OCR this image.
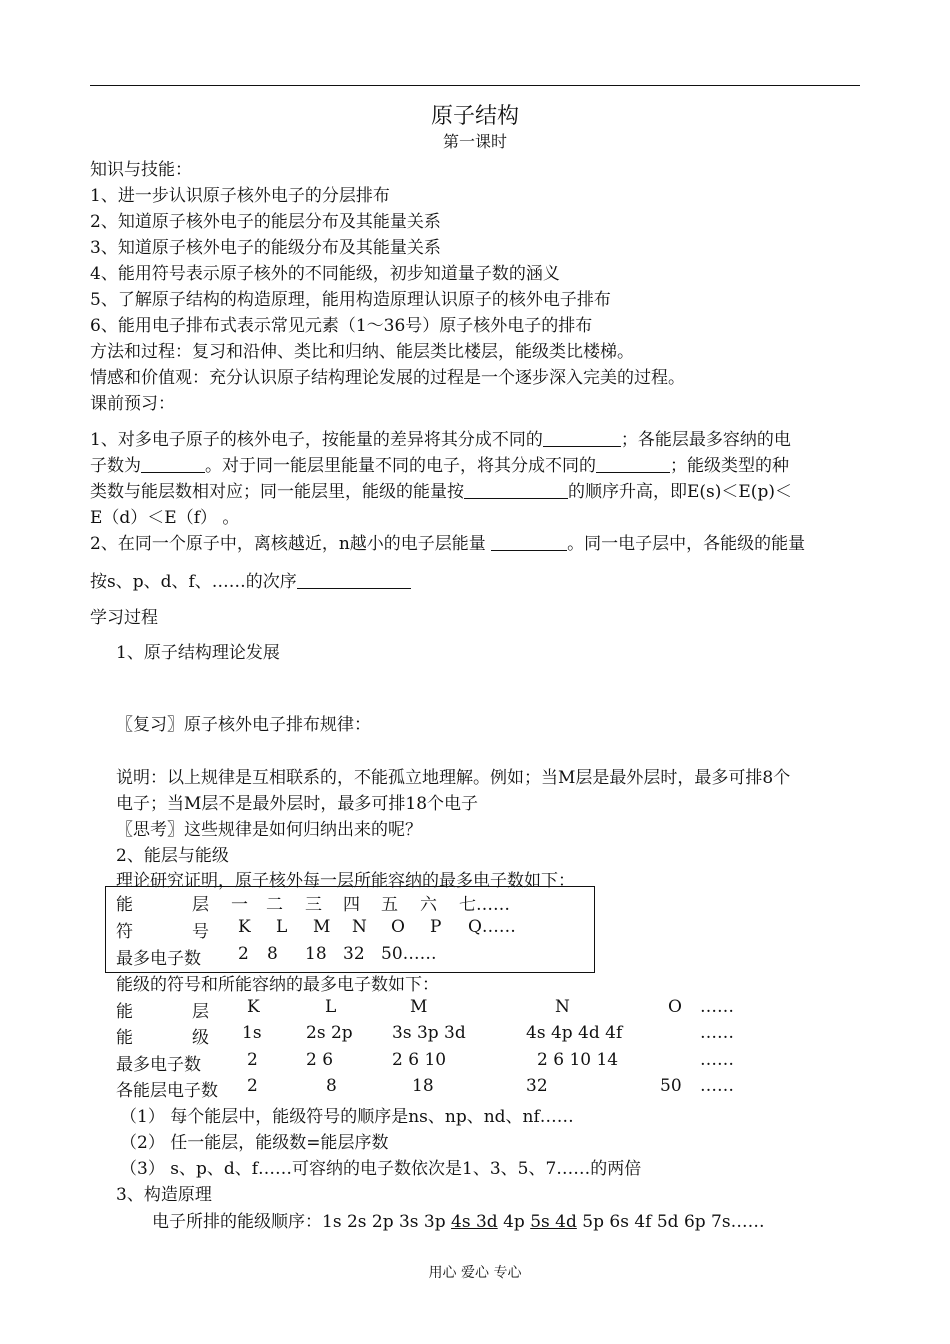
原子结构
第一课时
知识与技能：
1、进一步认识原子核外电子的分层排布
2、知道原子核外电子的能层分布及其能量关系
3、知道原子核外电子的能级分布及其能量关系
4、能用符号表示原子核外的不同能级，初步知道量子数的涵义
5、了解原子结构的构造原理，能用构造原理认识原子的核外电子排布
6、能用电子排布式表示常见元素（1～36号）原子核外电子的排布
方法和过程：复习和沿伸、类比和归纳、能层类比楼层，能级类比楼梯。
情感和价值观：充分认识原子结构理论发展的过程是一个逐步深入完美的过程。
课前预习：
1、对多电子原子的核外电子，按能量的差异将其分成不同的	；各能层最多容纳的电
子数为	。对于同一能层里能量不同的电子，将其分成不同的	；能级类型的种
类数与能层数相对应；同一能层里，能级的能量按	的顺序升高，即E(s)＜E(p)＜
E（d）＜E（f） 。
2、在同一个原子中，离核越近，n越小的电子层能量	。同一电子层中，各能级的能量
按s、p、d、f、……的次序
学习过程
1、原子结构理论发展
〖复习〗原子核外电子排布规律：
说明：以上规律是互相联系的，不能孤立地理解。例如；当M层是最外层时，最多可排8个
电子；当M层不是最外层时，最多可排18个电子
〖思考〗这些规律是如何归纳出来的呢？
2、能层与能级
理论研究证明，原子核外每一层所能容纳的最多电子数如下：
能	层 一 二 三 四 五 六 七……
符	号 K L M N O P Q……
最多电子数 2 8 18 32 50……
能级的符号和所能容纳的最多电子数如下：
能	层 K	L	M	N	O ……
能	级 1s	2s 2p 3s 3p 3d	4s 4p 4d 4f	……
最多电子数	2	2 6	2 6 10	2 6 10 14	……
各能层电子数 2	8	18	32	50 ……
（1） 每个能层中，能级符号的顺序是ns、np、nd、nf……
（2） 任一能层，能级数=能层序数
（3） s、p、d、f……可容纳的电子数依次是1、3、5、7……的两倍
3、构造原理
电子所排的能级顺序：1s 2s 2p 3s 3p 4s 3d 4p 5s 4d 5p 6s 4f 5d 6p 7s……
用心 爱心 专心
